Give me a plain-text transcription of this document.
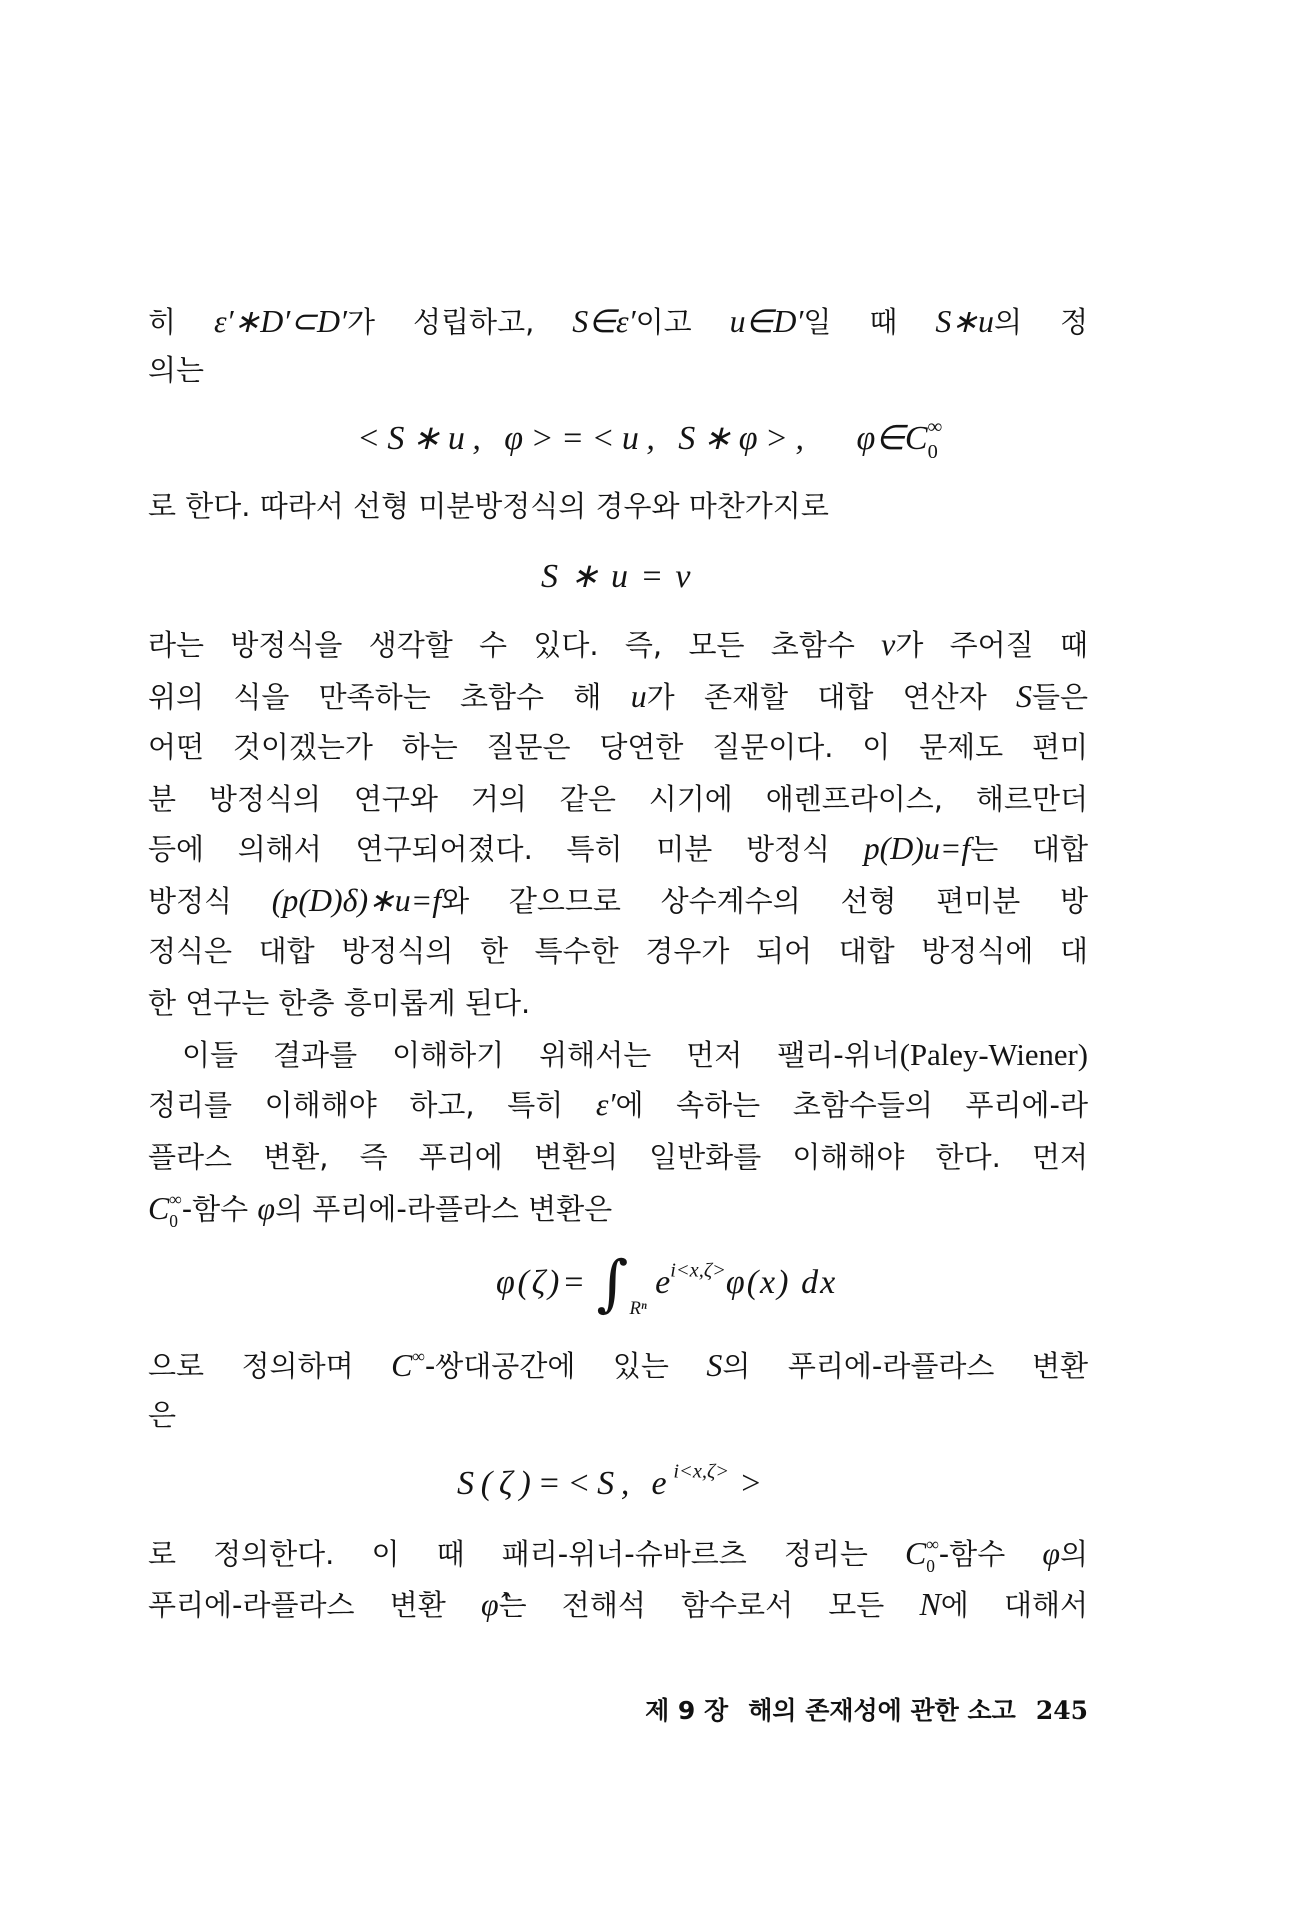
히 ε′∗D′⊂D′가 성립하고, S∈ε′이고 u∈D′일 때 S∗u의 정
의는
<S∗u, φ>=<u, S∗φ>, $\varphi\in C_0^\infty$
로 한다. 따라서 선형 미분방정식의 경우와 마찬가지로
S∗u=v
라는 방정식을 생각할 수 있다. 즉, 모든 초함수 v가 주어질 때
위의 식을 만족하는 초함수 해 u가 존재할 대합 연산자 S들은
어떤 것이겠는가 하는 질문은 당연한 질문이다. 이 문제도 편미
분 방정식의 연구와 거의 같은 시기에 애렌프라이스, 해르만더
등에 의해서 연구되어졌다. 특히 미분 방정식 p(D)u=f는 대합
방정식 (p(D)δ)∗u=f와 같으므로 상수계수의 선형 편미분 방
정식은 대합 방정식의 한 특수한 경우가 되어 대합 방정식에 대
한 연구는 한층 흥미롭게 된다.
이들 결과를 이해하기 위해서는 먼저 팰리-위너(Paley-Wiener)
정리를 이해해야 하고, 특히 ε′에 속하는 초함수들의 푸리에-라
플라스 변환, 즉 푸리에 변환의 일반화를 이해해야 한다. 먼저
$C_0^\infty-$함수 φ의 푸리에-라플라스 변환은
$\varphi(\zeta)= \int_{R^n}e^{i<x,\zeta>}\varphi(x)$ dx
으로 정의하며 C∞-쌍대공간에 있는 S의 푸리에-라플라스 변환
은
S(ζ)=<S, $e^{i<x,\zeta>}$ >
로 정의한다. 이 때 패리-위너-슈바르츠 정리는 $C_0^\infty-$함수 φ의
푸리에-라플라스 변환 φ̂는 전해석 함수로서 모든 N에 대해서
제 9 장 해의 존재성에 관한 소고 245
